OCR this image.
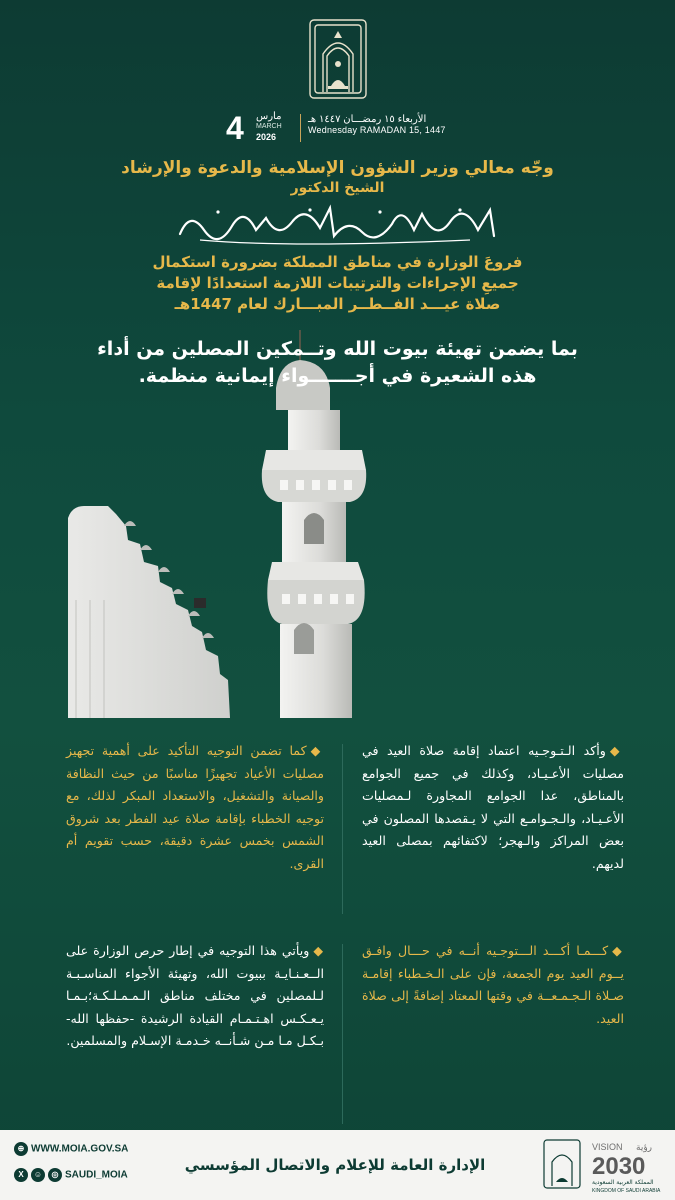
4 مارس
MARCH
2026
الأربعاء ١٥ رمضـــان ١٤٤٧ هـ
Wednesday RAMADAN 15, 1447
وجّه معالي وزير الشؤون الإسلامية والدعوة والإرشاد
الشيخ الدكتور
فروعَ الوزارة في مناطق المملكة بضرورة استكمال
جميعِ الإجراءات والترتيبات اللازمة استعدادًا لإقامة
صلاة عيـــد الفــطــر المبـــارك لعام 1447هـ
بما يضمن تهيئة بيوت الله وتــمكين المصلين من أداء
هذه الشعيرة في أجـــــــواء إيمانية منظمة.
◆وأكد الـتـوجـيه اعتماد إقامة صلاة العيد في مصليات الأعـيـاد، وكذلك في جميع الجوامع بالمناطق، عدا الجوامع المجاورة لـمصليات الأعـيـاد، والـجـوامـع التي لا يـقصدها المصلون في بعض المراكز والـهجر؛ لاكتفائهم بمصلى العيد لديهم.
◆كما تضمن التوجيه التأكيد على أهمية تجهيز مصليات الأعياد تجهيزًا مناسبًا من حيث النظافة والصيانة والتشغيل، والاستعداد المبكر لذلك، مع توجيه الخطباء بإقامة صلاة عيد الفطر بعد شروق الشمس بخمس عشرة دقيقة، حسب تقويم أم القرى.
◆كـــمـا أكـــد الـــتوجـيه أنــه في حـــال وافـق يــوم العيد يوم الجمعة، فإن على الـخـطباء إقامـة صـلاة الـجـمـعــة في وقتها المعتاد إضافةً إلى صلاة العيد.
◆ويأتي هذا التوجيه في إطار حرص الوزارة على الــعـنـايـة ببيوت الله، وتهيئة الأجواء المناسـبـة لـلمصلين في مختلف مناطق الـمـمـلـكـة؛بـمـا يـعـكـس اهـتـمـام القيادة الرشيدة -حفظها الله- بـكـل مـا مـن شـأنــه خـدمـة الإسـلام والمسلمين.
⊕ WWW.MOIA.GOV.SA
X ☺ ◎ SAUDI_MOIA
الإدارة العامة للإعلام والاتصال المؤسسي
VISION رؤية
2030
المملكة العربية السعودية
KINGDOM OF SAUDI ARABIA
